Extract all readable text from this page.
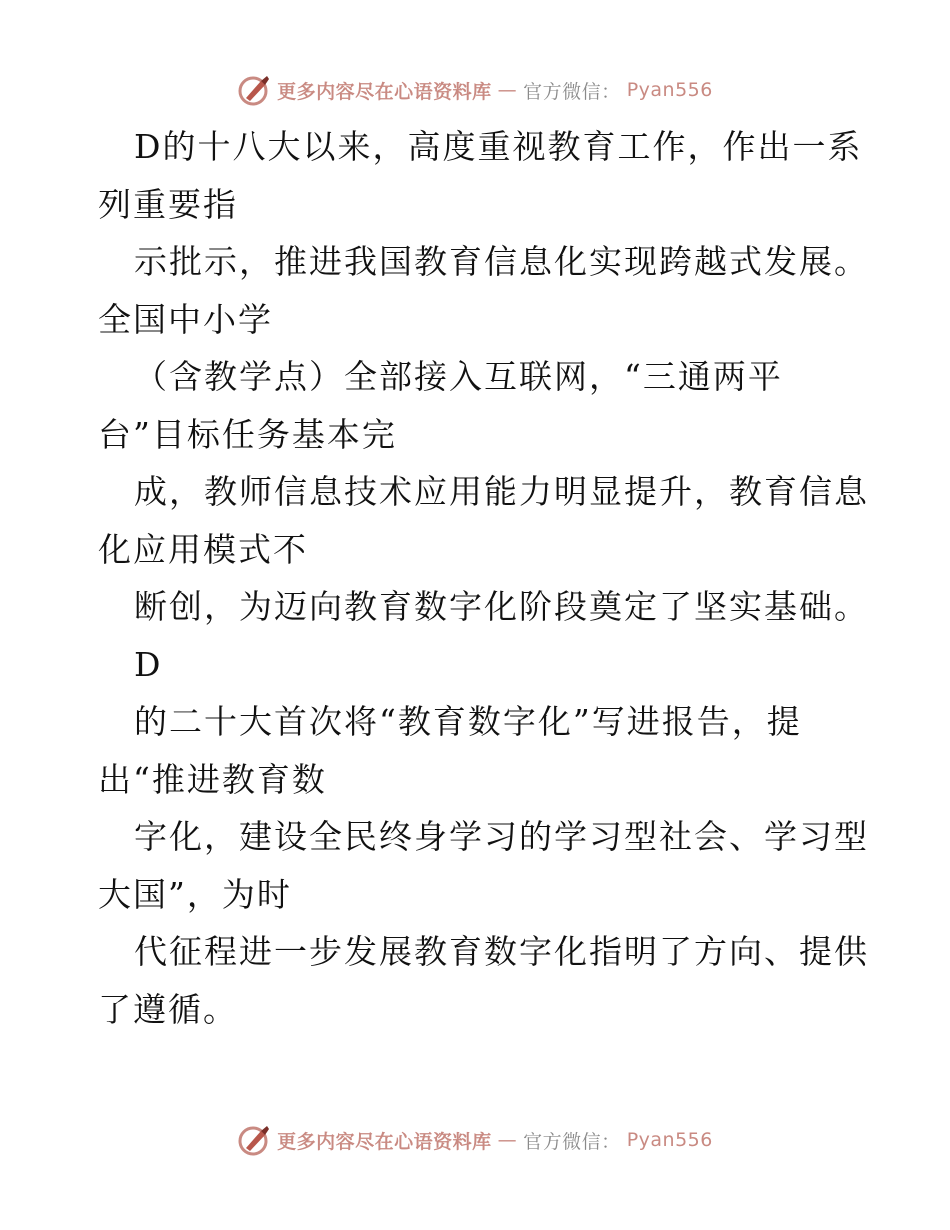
更多内容尽在心语资料库 — 官方微信： Pyan556
D的十八大以来，高度重视教育工作，作出一系
列重要指
示批示，推进我国教育信息化实现跨越式发展。
全国中小学
（含教学点）全部接入互联网，“三通两平
台”目标任务基本完
成，教师信息技术应用能力明显提升，教育信息
化应用模式不
断创，为迈向教育数字化阶段奠定了坚实基础。
D
的二十大首次将“教育数字化”写进报告，提
出“推进教育数
字化，建设全民终身学习的学习型社会、学习型
大国”，为时
代征程进一步发展教育数字化指明了方向、提供
了遵循。
更多内容尽在心语资料库 — 官方微信： Pyan556
